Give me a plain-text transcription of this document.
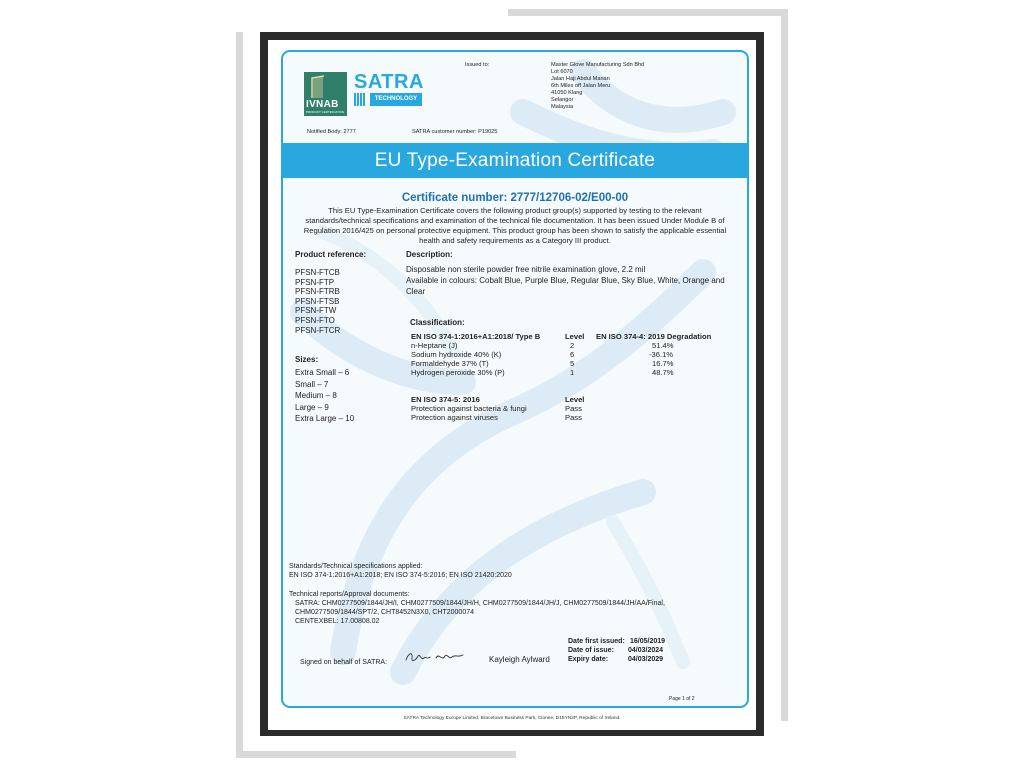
IVNAB
PRODUCT CERTIFICATION
SATRA
TECHNOLOGY
Issued to:	Maxter Glove Manufacturing Sdn Bhd
Lot 6070
Jalan Haji Abdul Manan
6th Miles off Jalan Meru
41050 Klang
Selangor
Malaysia
Notified Body: 2777	SATRA customer number: P19025
EU Type-Examination Certificate
Certificate number: 2777/12706-02/E00-00
This EU Type-Examination Certificate covers the following product group(s) supported by testing to the relevant standards/technical specifications and examination of the technical file documentation. It has been issued Under Module B of Regulation 2016/425 on personal protective equipment. This product group has been shown to satisfy the applicable essential health and safety requirements as a Category III product.
Product reference:
PFSN-FTCB
PFSN-FTP
PFSN-FTRB
PFSN-FTSB
PFSN-FTW
PFSN-FTO
PFSN-FTCR
Sizes:
Extra Small – 6
Small – 7
Medium – 8
Large – 9
Extra Large – 10
Description:
Disposable non sterile powder free nitrile examination glove, 2.2 mil
Available in colours: Cobalt Blue, Purple Blue, Regular Blue, Sky Blue, White, Orange and Clear
Classification:
EN ISO 374-1:2016+A1:2018/ Type B	Level EN ISO 374-4: 2019 Degradation
n-Heptane (J)	2	51.4%
Sodium hydroxide 40% (K)	6	-36.1%
Formaldehyde 37% (T)	5	16.7%
Hydrogen peroxide 30% (P)	1	48.7%
EN ISO 374-5: 2016	Level
Protection against bacteria & fungi	Pass
Protection against viruses	Pass
Standards/Technical specifications applied:
EN ISO 374-1:2016+A1:2018; EN ISO 374-5:2016; EN ISO 21420:2020
Technical reports/Approval documents:
SATRA: CHM0277509/1844/JH/I, CHM0277509/1844/JH/H, CHM0277509/1844/JH/J, CHM0277509/1844/JH/AA/Final,
CHM0277509/1844/SPT/2, CHT8452N3X0, CHT2000074
CENTEXBEL: 17.00808.02
Date first issued: 16/05/2019
Date of issue: 04/03/2024
Expiry date:	04/03/2029
Signed on behalf of SATRA:	Kayleigh Aylward
Page 1 of 2
SATRA Technology Europe Limited. Bracetown Business Park, Clonee, D15YN2P, Republic of Ireland.
